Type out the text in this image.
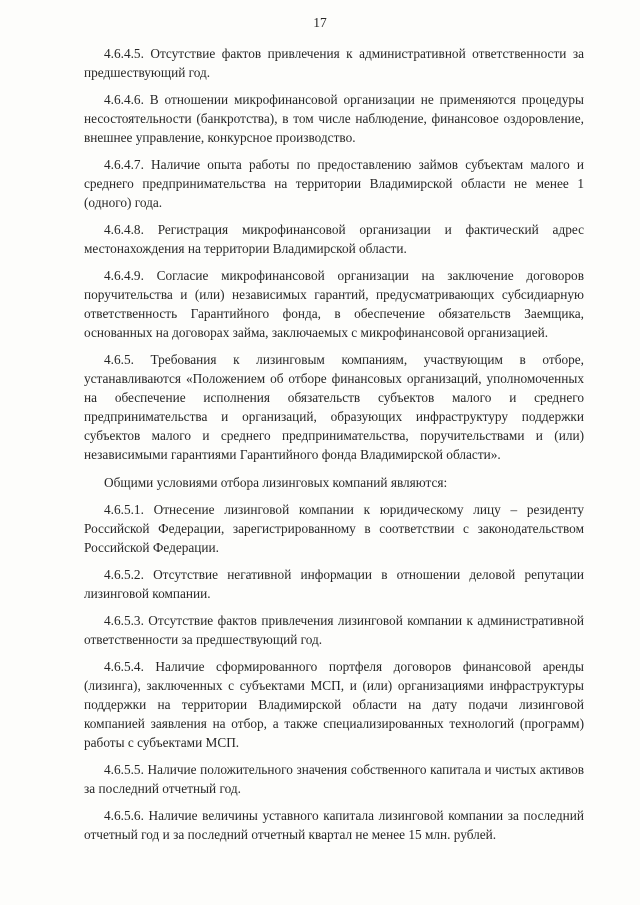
17

4.6.4.5. Отсутствие фактов привлечения к административной ответственности за предшествующий год.

4.6.4.6. В отношении микрофинансовой организации не применяются процедуры несостоятельности (банкротства), в том числе наблюдение, финансовое оздоровление, внешнее управление, конкурсное производство.

4.6.4.7. Наличие опыта работы по предоставлению займов субъектам малого и среднего предпринимательства на территории Владимирской области не менее 1 (одного) года.

4.6.4.8. Регистрация микрофинансовой организации и фактический адрес местонахождения на территории Владимирской области.

4.6.4.9. Согласие микрофинансовой организации на заключение договоров поручительства и (или) независимых гарантий, предусматривающих субсидиарную ответственность Гарантийного фонда, в обеспечение обязательств Заемщика, основанных на договорах займа, заключаемых с микрофинансовой организацией.

4.6.5. Требования к лизинговым компаниям, участвующим в отборе, устанавливаются «Положением об отборе финансовых организаций, уполномоченных на обеспечение исполнения обязательств субъектов малого и среднего предпринимательства и организаций, образующих инфраструктуру поддержки субъектов малого и среднего предпринимательства, поручительствами и (или) независимыми гарантиями Гарантийного фонда Владимирской области».

Общими условиями отбора лизинговых компаний являются:

4.6.5.1. Отнесение лизинговой компании к юридическому лицу – резиденту Российской Федерации, зарегистрированному в соответствии с законодательством Российской Федерации.

4.6.5.2. Отсутствие негативной информации в отношении деловой репутации лизинговой компании.

4.6.5.3. Отсутствие фактов привлечения лизинговой компании к административной ответственности за предшествующий год.

4.6.5.4. Наличие сформированного портфеля договоров финансовой аренды (лизинга), заключенных с субъектами МСП, и (или) организациями инфраструктуры поддержки на территории Владимирской области на дату подачи лизинговой компанией заявления на отбор, а также специализированных технологий (программ) работы с субъектами МСП.

4.6.5.5. Наличие положительного значения собственного капитала и чистых активов за последний отчетный год.

4.6.5.6. Наличие величины уставного капитала лизинговой компании за последний отчетный год и за последний отчетный квартал не менее 15 млн. рублей.
